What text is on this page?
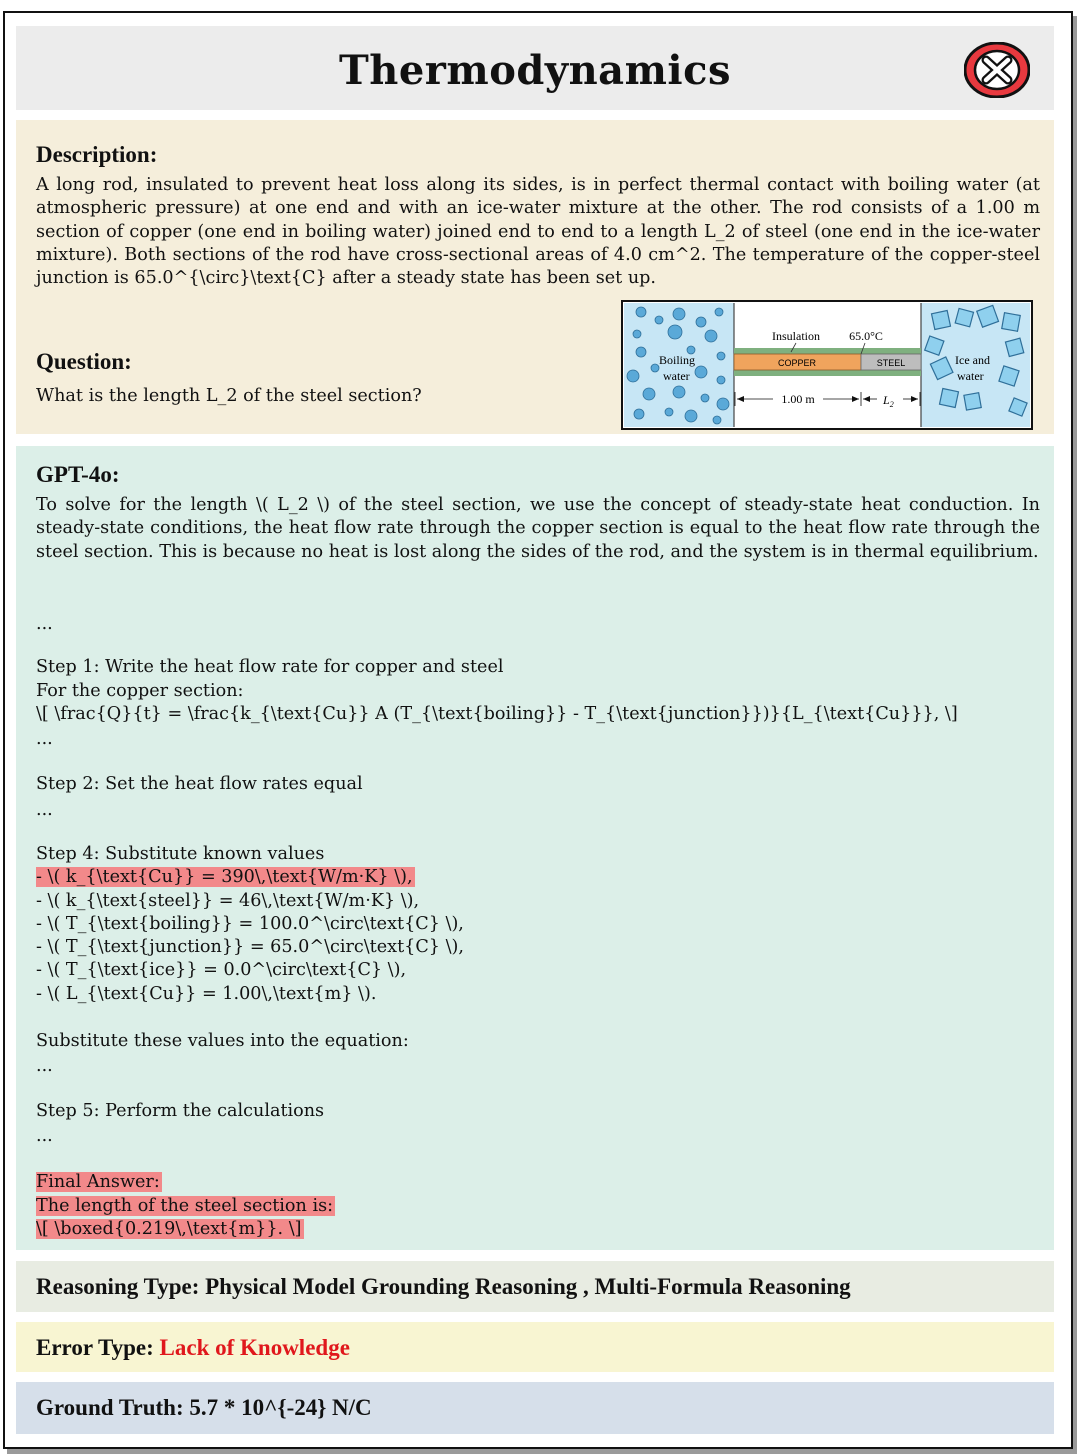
Thermodynamics
Description:

A long rod, insulated to prevent heat loss along its sides, is in perfect thermal contact with boiling water (at atmospheric pressure) at one end and with an ice-water mixture at the other. The rod consists of a 1.00 m section of copper (one end in boiling water) joined end to end to a length L_2 of steel (one end in the ice-water mixture). Both sections of the rod have cross-sectional areas of 4.0 cm^2. The temperature of the copper-steel junction is 65.0^{\circ}\text{C} after a steady state has been set up.

Question:
What is the length L_2 of the steel section?
COPPER	STEEL
Insulation 65.0°C
Boiling
water
Ice and
water
1.00 m	$L_2$
GPT-4o:

To solve for the length \( L_2 \) of the steel section, we use the concept of steady-state heat conduction. In steady-state conditions, the heat flow rate through the copper section is equal to the heat flow rate through the steel section. This is because no heat is lost along the sides of the rod, and the system is in thermal equilibrium.

...
Step 1: Write the heat flow rate for copper and steel
For the copper section:
\[ \frac{Q}{t} = \frac{k_{\text{Cu}} A (T_{\text{boiling}} - T_{\text{junction}})}{L_{\text{Cu}}}, \]
...
Step 2: Set the heat flow rates equal
...
Step 4: Substitute known values
- \( k_{\text{Cu}} = 390\,\text{W/m·K} \),
- \( k_{\text{steel}} = 46\,\text{W/m·K} \),
- \( T_{\text{boiling}} = 100.0^\circ\text{C} \),
- \( T_{\text{junction}} = 65.0^\circ\text{C} \),
- \( T_{\text{ice}} = 0.0^\circ\text{C} \),
- \( L_{\text{Cu}} = 1.00\,\text{m} \).
Substitute these values into the equation:
...
Step 5: Perform the calculations
...
Final Answer:
The length of the steel section is:
\[ \boxed{0.219\,\text{m}}. \]
Reasoning Type: Physical Model Grounding Reasoning , Multi-Formula Reasoning
Error Type: Lack of Knowledge
Ground Truth: 5.7 * 10^{-24} N/C
